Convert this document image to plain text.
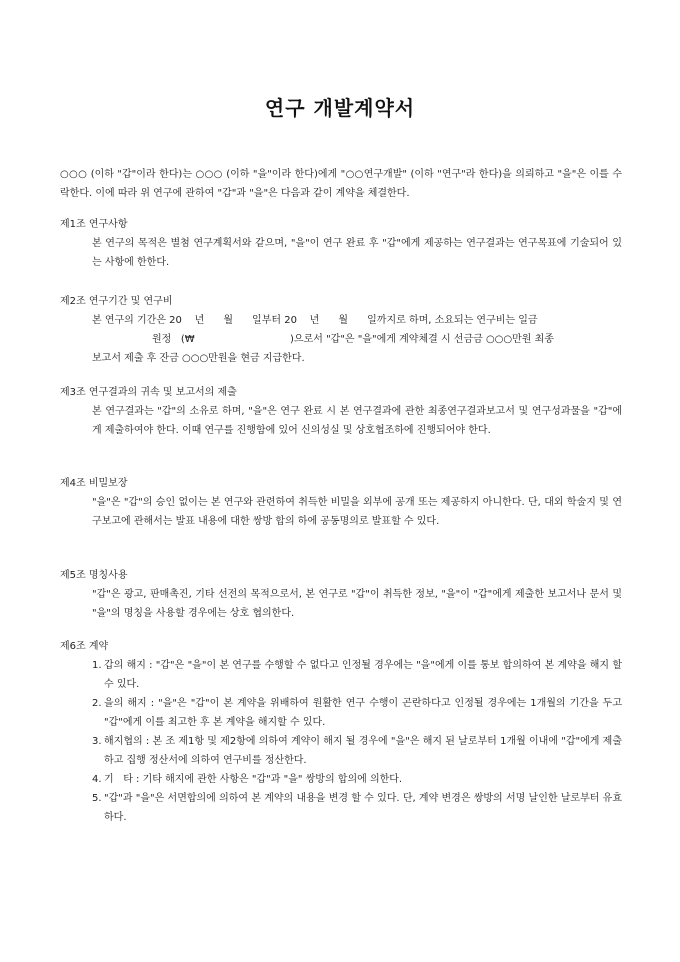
연구 개발계약서
○○○ (이하 "갑"이라 한다)는 ○○○ (이하 "을"이라 한다)에게 "○○연구개발" (이하 "연구"라 한다)을 의뢰하고 "을"은 이를 수락한다. 이에 따라 위 연구에 관하여 "갑"과 "을"은 다음과 같이 계약을 체결한다.
제1조 연구사항
본 연구의 목적은 별첨 연구계획서와 같으며, "을"이 연구 완료 후 "갑"에게 제공하는 연구결과는 연구목표에 기술되어 있는 사항에 한한다.
제2조 연구기간 및 연구비
본 연구의 기간은 20    년      월      일부터 20    년      월      일까지로 하며, 소요되는 연구비는 일금
원정   (₩                              )으로서 "갑"은 "을"에게 계약체결 시 선금금 ○○○만원 최종
보고서 제출 후 잔금 ○○○만원을 현금 지급한다.
제3조 연구결과의 귀속 및 보고서의 제출
본 연구결과는 "갑"의 소유로 하며, "을"은 연구 완료 시 본 연구결과에 관한 최종연구결과보고서 및 연구성과물을 "갑"에게 제출하여야 한다. 이때 연구를 진행함에 있어 신의성실 및 상호협조하에 진행되어야 한다.
제4조 비밀보장
"을"은 "갑"의 승인 없이는 본 연구와 관련하여 취득한 비밀을 외부에 공개 또는 제공하지 아니한다. 단, 대외 학술지 및 연구보고에 관해서는 발표 내용에 대한 쌍방 합의 하에 공동명의로 발표할 수 있다.
제5조 명칭사용
"갑"은 광고, 판매촉진, 기타 선전의 목적으로서, 본 연구로 "갑"이 취득한 정보, "을"이 "갑"에게 제출한 보고서나 문서 및 "을"의 명칭을 사용할 경우에는 상호 협의한다.
제6조 계약
1. 갑의 해지 : "갑"은 "을"이 본 연구를 수행할 수 없다고 인정될 경우에는 "을"에게 이를 통보 합의하여 본 계약을 해지 할 수 있다.
2. 을의 해지 : "을"은 "갑"이 본 계약을 위배하여 원활한 연구 수행이 곤란하다고 인정될 경우에는 1개월의 기간을 두고 "갑"에게 이를 최고한 후 본 계약을 해지할 수 있다.
3. 해지협의 : 본 조 제1항 및 제2항에 의하여 계약이 해지 될 경우에 "을"은 해지 된 날로부터 1개월 이내에 "갑"에게 제출하고 집행 정산서에 의하여 연구비를 정산한다.
4. 기   타 : 기타 해지에 관한 사항은 "갑"과 "을" 쌍방의 합의에 의한다.
5. "갑"과 "을"은 서면합의에 의하여 본 계약의 내용을 변경 할 수 있다. 단, 계약 변경은 쌍방의 서명 날인한 날로부터 유효하다.
